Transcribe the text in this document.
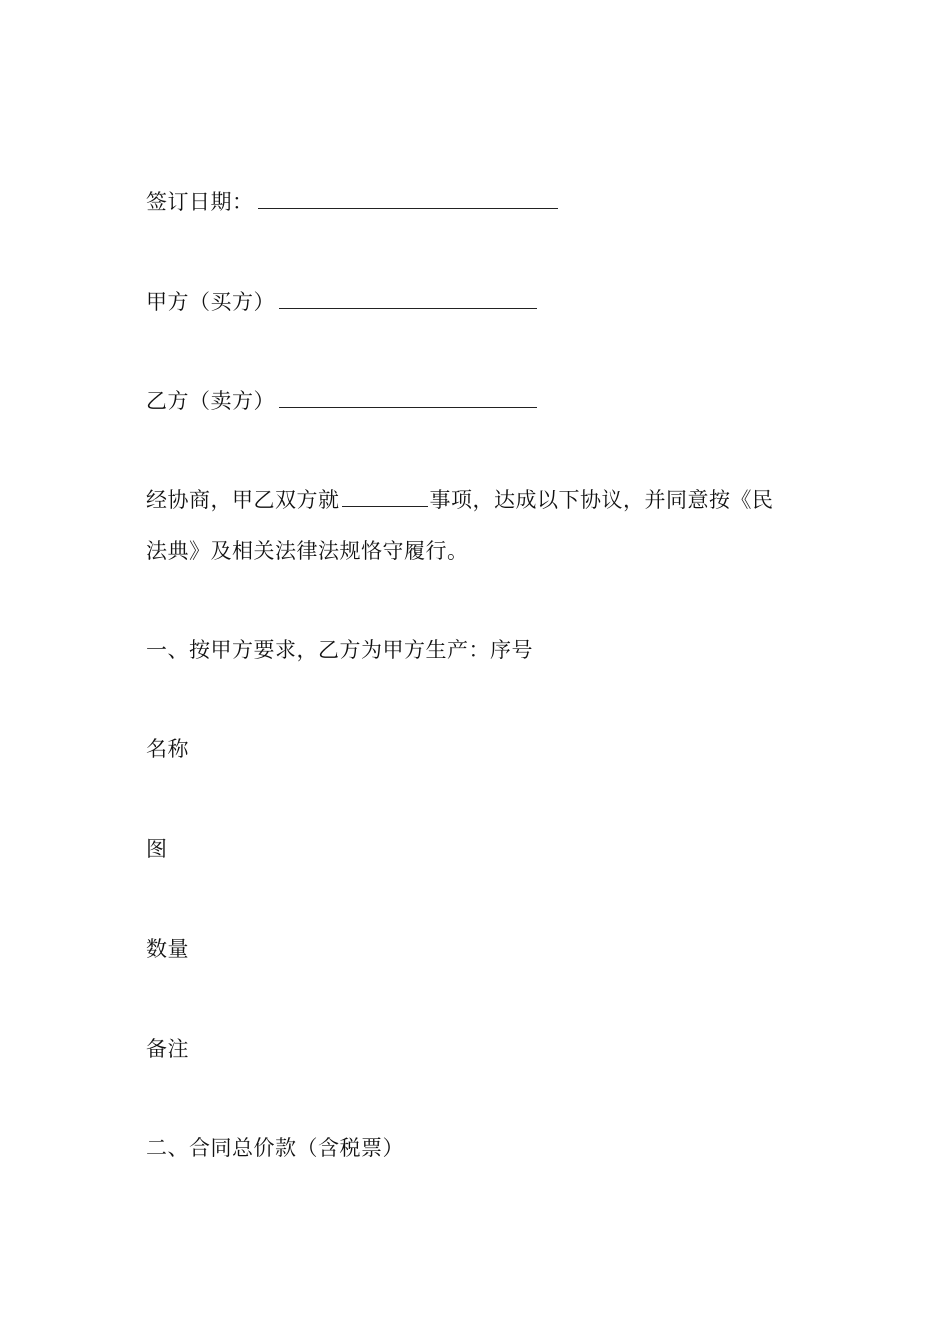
签订日期：
甲方（买方）
乙方（卖方）
经协商，甲乙双方就	事项，达成以下协议，并同意按《民
法典》及相关法律法规恪守履行。
一、按甲方要求，乙方为甲方生产：序号
名称
图
数量
备注
二、合同总价款（含税票）
